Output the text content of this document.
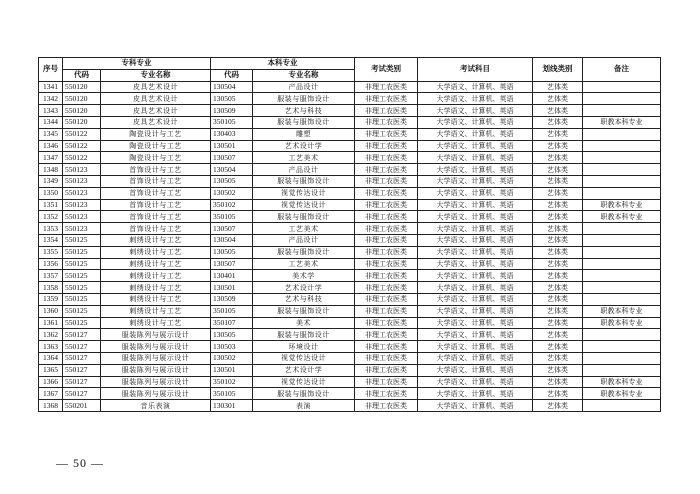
序号	专科专业		本科专业		考试类别	考试科目	划线类别	备注
	代码	专业名称	代码	专业名称				
1341	550120	皮具艺术设计	130504	产品设计	非理工农医类	大学语文、计算机、英语	艺体类	
1342	550120	皮具艺术设计	130505	服装与服饰设计	非理工农医类	大学语文、计算机、英语	艺体类	
1343	550120	皮具艺术设计	130509	艺术与科技	非理工农医类	大学语文、计算机、英语	艺体类	
1344	550120	皮具艺术设计	350105	服装与服饰设计	非理工农医类	大学语文、计算机、英语	艺体类	职教本科专业
1345	550122	陶瓷设计与工艺	130403	雕塑	非理工农医类	大学语文、计算机、英语	艺体类	
1346	550122	陶瓷设计与工艺	130501	艺术设计学	非理工农医类	大学语文、计算机、英语	艺体类	
1347	550122	陶瓷设计与工艺	130507	工艺美术	非理工农医类	大学语文、计算机、英语	艺体类	
1348	550123	首饰设计与工艺	130504	产品设计	非理工农医类	大学语文、计算机、英语	艺体类	
1349	550123	首饰设计与工艺	130505	服装与服饰设计	非理工农医类	大学语文、计算机、英语	艺体类	
1350	550123	首饰设计与工艺	130502	视觉传达设计	非理工农医类	大学语文、计算机、英语	艺体类	
1351	550123	首饰设计与工艺	350102	视觉传达设计	非理工农医类	大学语文、计算机、英语	艺体类	职教本科专业
1352	550123	首饰设计与工艺	350105	服装与服饰设计	非理工农医类	大学语文、计算机、英语	艺体类	职教本科专业
1353	550123	首饰设计与工艺	130507	工艺美术	非理工农医类	大学语文、计算机、英语	艺体类	
1354	550125	刺绣设计与工艺	130504	产品设计	非理工农医类	大学语文、计算机、英语	艺体类	
1355	550125	刺绣设计与工艺	130505	服装与服饰设计	非理工农医类	大学语文、计算机、英语	艺体类	
1356	550125	刺绣设计与工艺	130507	工艺美术	非理工农医类	大学语文、计算机、英语	艺体类	
1357	550125	刺绣设计与工艺	130401	美术学	非理工农医类	大学语文、计算机、英语	艺体类	
1358	550125	刺绣设计与工艺	130501	艺术设计学	非理工农医类	大学语文、计算机、英语	艺体类	
1359	550125	刺绣设计与工艺	130509	艺术与科技	非理工农医类	大学语文、计算机、英语	艺体类	
1360	550125	刺绣设计与工艺	350105	服装与服饰设计	非理工农医类	大学语文、计算机、英语	艺体类	职教本科专业
1361	550125	刺绣设计与工艺	350107	美术	非理工农医类	大学语文、计算机、英语	艺体类	职教本科专业
1362	550127	服装陈列与展示设计	130505	服装与服饰设计	非理工农医类	大学语文、计算机、英语	艺体类	
1363	550127	服装陈列与展示设计	130503	环境设计	非理工农医类	大学语文、计算机、英语	艺体类	
1364	550127	服装陈列与展示设计	130502	视觉传达设计	非理工农医类	大学语文、计算机、英语	艺体类	
1365	550127	服装陈列与展示设计	130501	艺术设计学	非理工农医类	大学语文、计算机、英语	艺体类	
1366	550127	服装陈列与展示设计	350102	视觉传达设计	非理工农医类	大学语文、计算机、英语	艺体类	职教本科专业
1367	550127	服装陈列与展示设计	350105	服装与服饰设计	非理工农医类	大学语文、计算机、英语	艺体类	职教本科专业
1368	550201	音乐表演	130301	表演	非理工农医类	大学语文、计算机、英语	艺体类	
— 50 —
